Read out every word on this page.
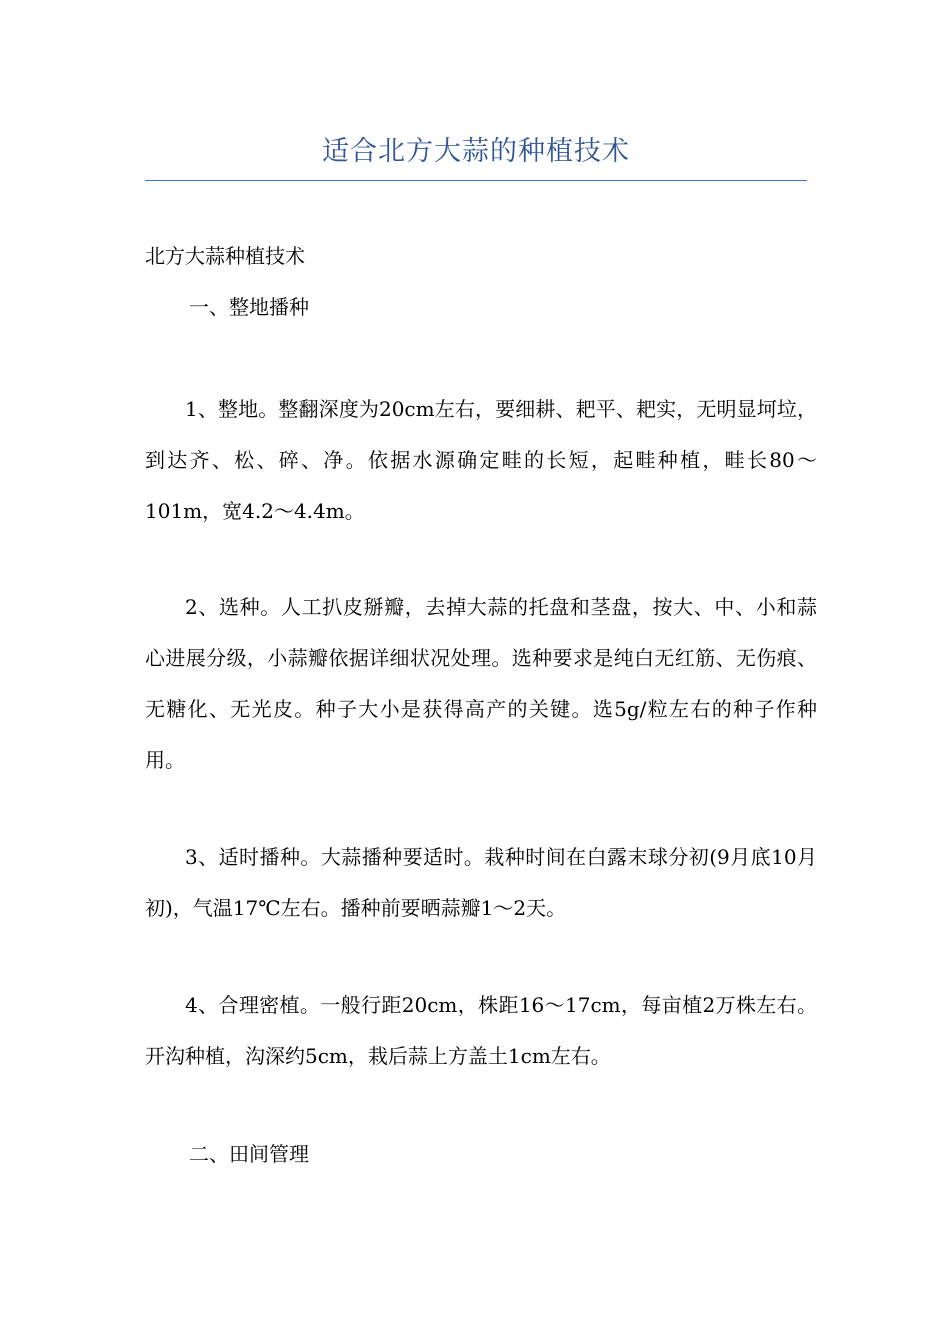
适合北方大蒜的种植技术
北方大蒜种植技术
一、整地播种
1、整地。整翻深度为20cm左右，要细耕、耙平、耙实，无明显坷垃，到达齐、松、碎、净。依据水源确定畦的长短，起畦种植，畦长80～101m，宽4.2～4.4m。
2、选种。人工扒皮掰瓣，去掉大蒜的托盘和茎盘，按大、中、小和蒜心进展分级，小蒜瓣依据详细状况处理。选种要求是纯白无红筋、无伤痕、无糖化、无光皮。种子大小是获得高产的关键。选5g/粒左右的种子作种用。
3、适时播种。大蒜播种要适时。栽种时间在白露末球分初(9月底10月初)，气温17℃左右。播种前要晒蒜瓣1～2天。
4、合理密植。一般行距20cm，株距16～17cm，每亩植2万株左右。开沟种植，沟深约5cm，栽后蒜上方盖土1cm左右。
二、田间管理
